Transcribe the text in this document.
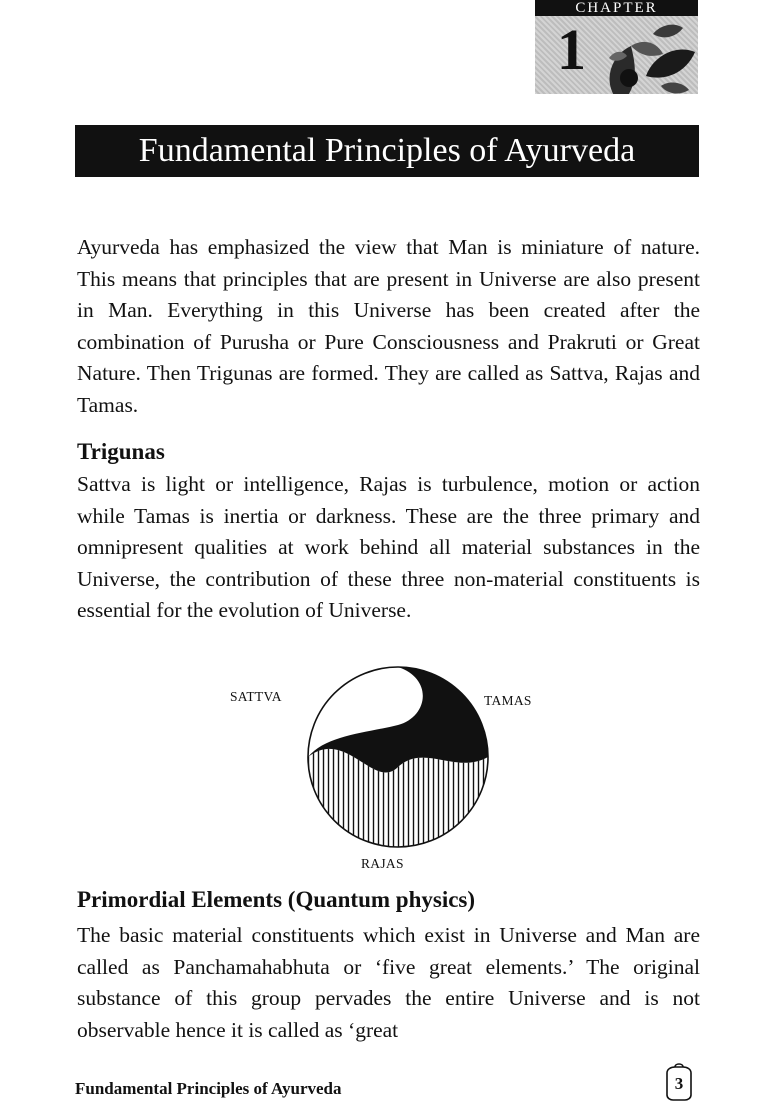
CHAPTER
1
Fundamental Principles of Ayurveda

Ayurveda has emphasized the view that Man is miniature of nature. This means that principles that are present in Universe are also present in Man. Everything in this Universe has been created after the combination of Purusha or Pure Consciousness and Prakruti or Great Nature. Then Trigunas are formed. They are called as Sattva, Rajas and Tamas.

Trigunas

Sattva is light or intelligence, Rajas is turbulence, motion or action while Tamas is inertia or darkness. These are the three primary and omnipresent qualities at work behind all material substances in the Universe, the contribution of these three non-material constituents is essential for the evolution of Universe.

SATTVA	TAMAS
RAJAS
Primordial Elements (Quantum physics)

The basic material constituents which exist in Universe and Man are called as Panchamahabhuta or ‘five great elements.’ The original substance of this group pervades the entire Universe and is not observable hence it is called as ‘great

Fundamental Principles of Ayurveda	3
